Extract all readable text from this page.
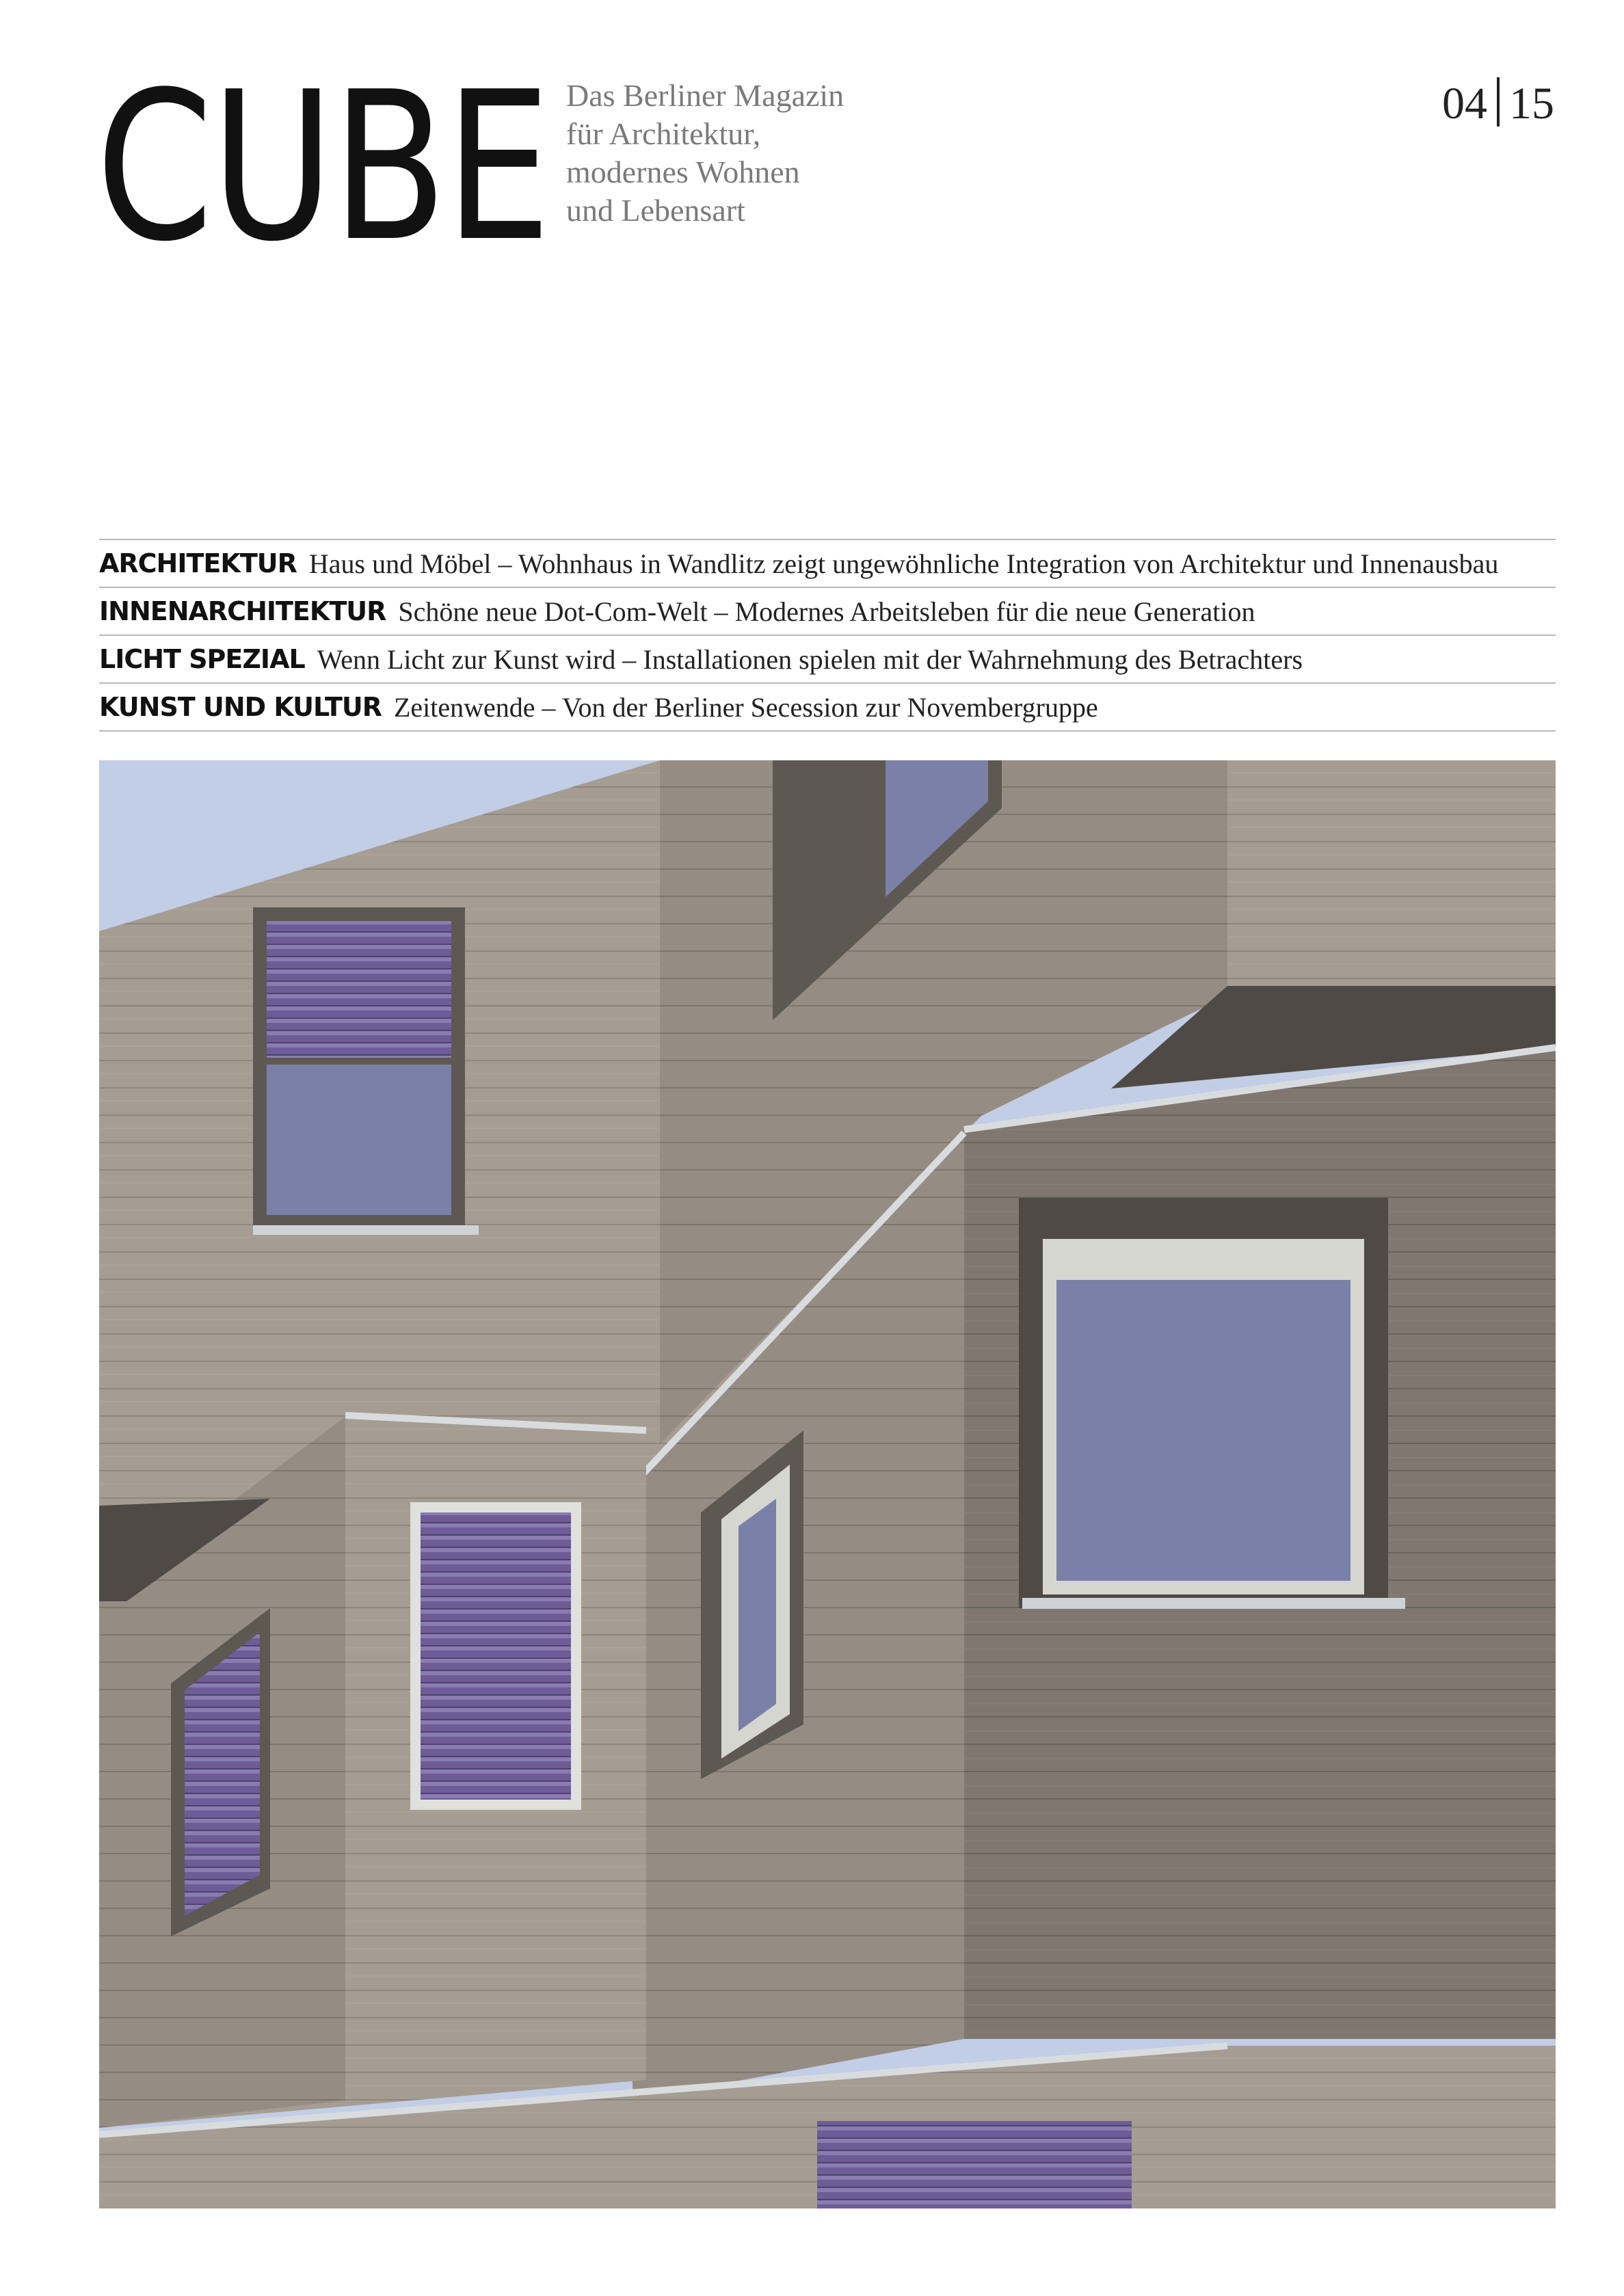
CUBE Das Berliner Magazin
für Architektur,
modernes Wohnen
und Lebensart
04 15
ARCHITEKTUR Haus und Möbel – Wohnhaus in Wandlitz zeigt ungewöhnliche Integration von Architektur und Innenausbau
INNENARCHITEKTUR Schöne neue Dot-Com-Welt – Modernes Arbeitsleben für die neue Generation
LICHT SPEZIAL Wenn Licht zur Kunst wird – Installationen spielen mit der Wahrnehmung des Betrachters
KUNST UND KULTUR Zeitenwende – Von der Berliner Secession zur Novembergruppe
